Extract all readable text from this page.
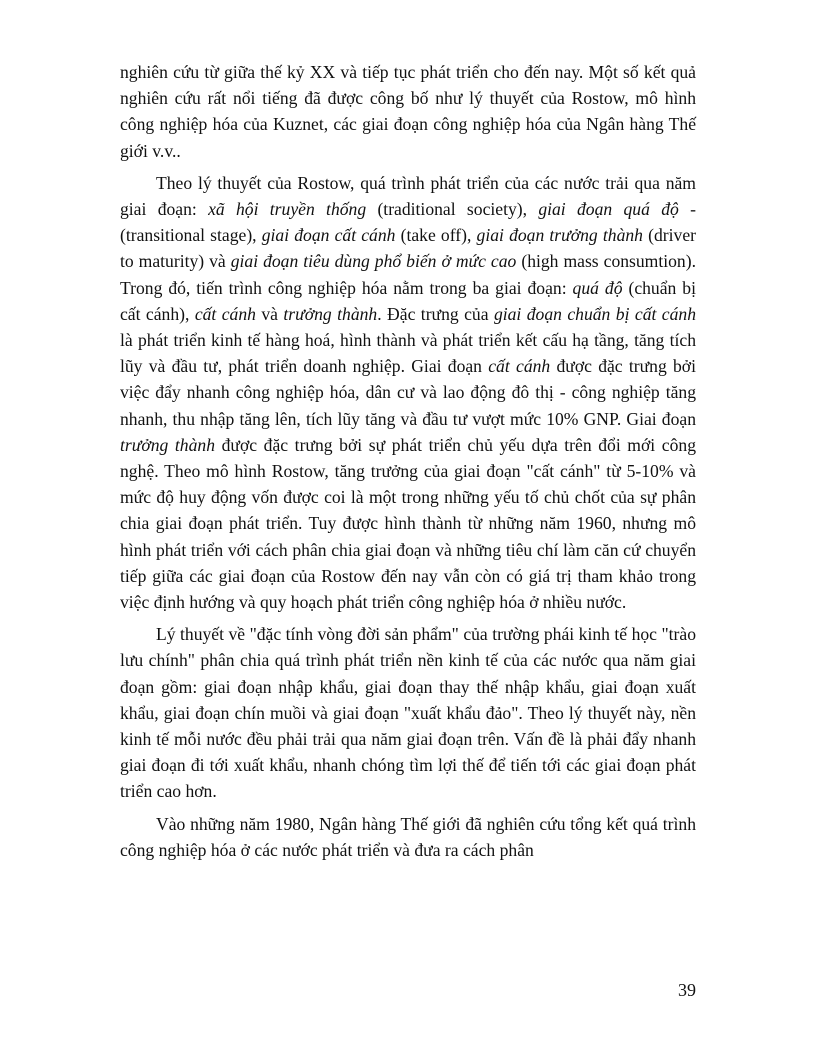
nghiên cứu từ giữa thế kỷ XX và tiếp tục phát triển cho đến nay. Một số kết quả nghiên cứu rất nổi tiếng đã được công bố như lý thuyết của Rostow, mô hình công nghiệp hóa của Kuznet, các giai đoạn công nghiệp hóa của Ngân hàng Thế giới v.v..

Theo lý thuyết của Rostow, quá trình phát triển của các nước trải qua năm giai đoạn: xã hội truyền thống (traditional society), giai đoạn quá độ - (transitional stage), giai đoạn cất cánh (take off), giai đoạn trưởng thành (driver to maturity) và giai đoạn tiêu dùng phổ biến ở mức cao (high mass consumtion). Trong đó, tiến trình công nghiệp hóa nằm trong ba giai đoạn: quá độ (chuẩn bị cất cánh), cất cánh và trưởng thành. Đặc trưng của giai đoạn chuẩn bị cất cánh là phát triển kinh tế hàng hoá, hình thành và phát triển kết cấu hạ tầng, tăng tích lũy và đầu tư, phát triển doanh nghiệp. Giai đoạn cất cánh được đặc trưng bởi việc đẩy nhanh công nghiệp hóa, dân cư và lao động đô thị - công nghiệp tăng nhanh, thu nhập tăng lên, tích lũy tăng và đầu tư vượt mức 10% GNP. Giai đoạn trưởng thành được đặc trưng bởi sự phát triển chủ yếu dựa trên đổi mới công nghệ. Theo mô hình Rostow, tăng trưởng của giai đoạn "cất cánh" từ 5-10% và mức độ huy động vốn được coi là một trong những yếu tố chủ chốt của sự phân chia giai đoạn phát triển. Tuy được hình thành từ những năm 1960, nhưng mô hình phát triển với cách phân chia giai đoạn và những tiêu chí làm căn cứ chuyển tiếp giữa các giai đoạn của Rostow đến nay vẫn còn có giá trị tham khảo trong việc định hướng và quy hoạch phát triển công nghiệp hóa ở nhiều nước.

Lý thuyết về "đặc tính vòng đời sản phẩm" của trường phái kinh tế học "trào lưu chính" phân chia quá trình phát triển nền kinh tế của các nước qua năm giai đoạn gồm: giai đoạn nhập khẩu, giai đoạn thay thế nhập khẩu, giai đoạn xuất khẩu, giai đoạn chín muồi và giai đoạn "xuất khẩu đảo". Theo lý thuyết này, nền kinh tế mỗi nước đều phải trải qua năm giai đoạn trên. Vấn đề là phải đẩy nhanh giai đoạn đi tới xuất khẩu, nhanh chóng tìm lợi thế để tiến tới các giai đoạn phát triển cao hơn.

Vào những năm 1980, Ngân hàng Thế giới đã nghiên cứu tổng kết quá trình công nghiệp hóa ở các nước phát triển và đưa ra cách phân

39
